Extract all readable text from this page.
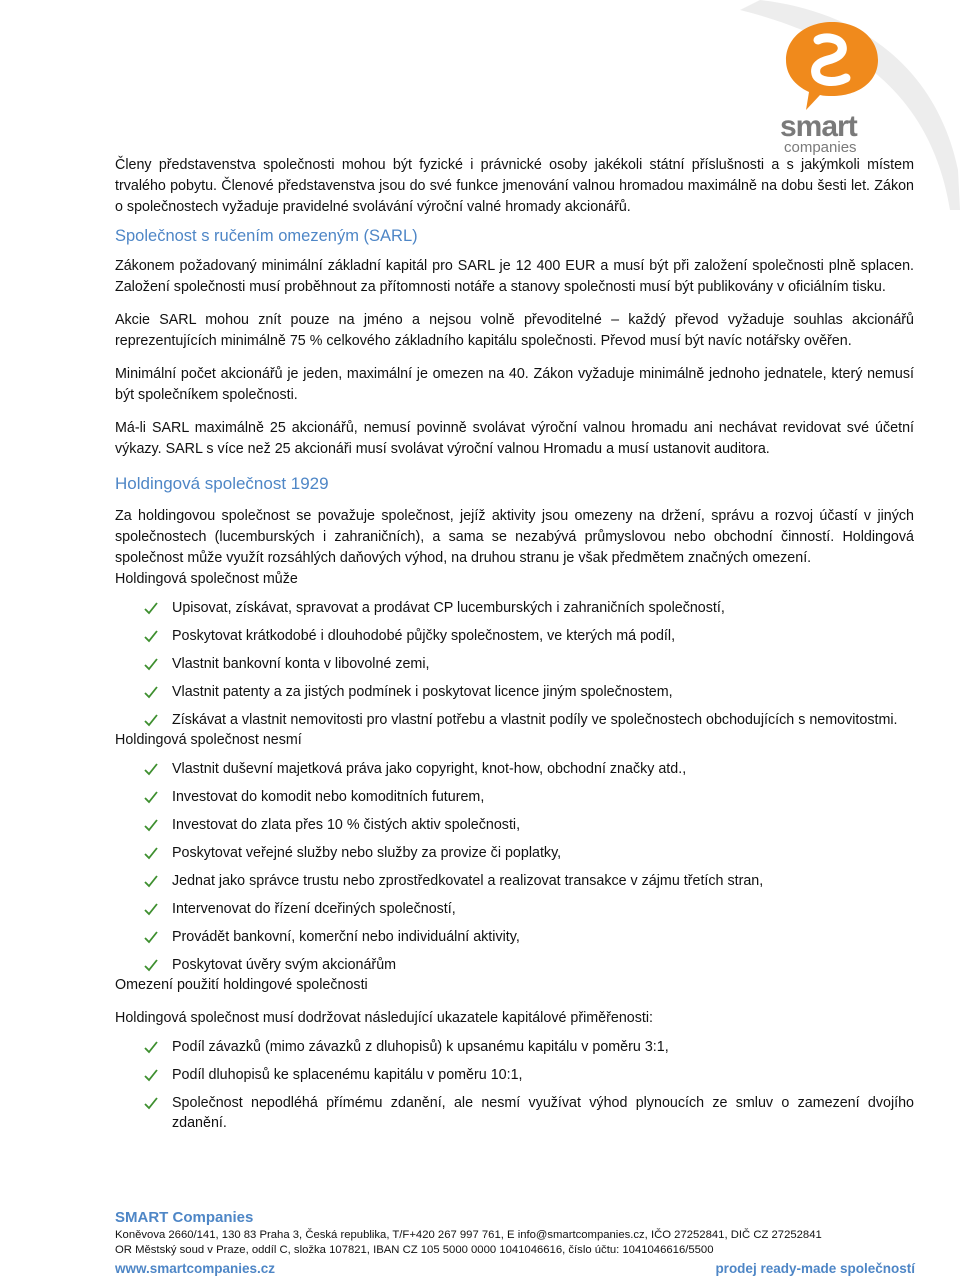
smart
companies

Členy představenstva společnosti mohou být fyzické i právnické osoby jakékoli státní příslušnosti a s jakýmkoli místem trvalého pobytu. Členové představenstva jsou do své funkce jmenování valnou hromadou maximálně na dobu šesti let. Zákon o společnostech vyžaduje pravidelné svolávání výroční valné hromady akcionářů.

Společnost s ručením omezeným (SARL)

Zákonem požadovaný minimální základní kapitál pro SARL je 12 400 EUR a musí být při založení společnosti plně splacen. Založení společnosti musí proběhnout za přítomnosti notáře a stanovy společnosti musí být publikovány v oficiálním tisku.

Akcie SARL mohou znít pouze na jméno a nejsou volně převoditelné – každý převod vyžaduje souhlas akcionářů reprezentujících minimálně 75 % celkového základního kapitálu společnosti. Převod musí být navíc notářsky ověřen.

Minimální počet akcionářů je jeden, maximální je omezen na 40. Zákon vyžaduje minimálně jednoho jednatele, který nemusí být společníkem společnosti.

Má-li SARL maximálně 25 akcionářů, nemusí povinně svolávat výroční valnou hromadu ani nechávat revidovat své účetní výkazy. SARL s více než 25 akcionáři musí svolávat výroční valnou Hromadu a musí ustanovit auditora.

Holdingová společnost 1929

Za holdingovou společnost se považuje společnost, jejíž aktivity jsou omezeny na držení, správu a rozvoj účastí v jiných společnostech (lucemburských i zahraničních), a sama se nezabývá průmyslovou nebo obchodní činností. Holdingová společnost může využít rozsáhlých daňových výhod, na druhou stranu je však předmětem značných omezení.

Holdingová společnost může

Upisovat, získávat, spravovat a prodávat CP lucemburských i zahraničních společností,
Poskytovat krátkodobé i dlouhodobé půjčky společnostem, ve kterých má podíl,
Vlastnit bankovní konta v libovolné zemi,
Vlastnit patenty a za jistých podmínek i poskytovat licence jiným společnostem,
Získávat a vlastnit nemovitosti pro vlastní potřebu a vlastnit podíly ve společnostech obchodujících s nemovitostmi.

Holdingová společnost nesmí

Vlastnit duševní majetková práva jako copyright, knot-how, obchodní značky atd.,
Investovat do komodit nebo komoditních futurem,
Investovat do zlata přes 10 % čistých aktiv společnosti,
Poskytovat veřejné služby nebo služby za provize či poplatky,
Jednat jako správce trustu nebo zprostředkovatel a realizovat transakce v zájmu třetích stran,
Intervenovat do řízení dceřiných společností,
Provádět bankovní, komerční nebo individuální aktivity,
Poskytovat úvěry svým akcionářům

Omezení použití holdingové společnosti

Holdingová společnost musí dodržovat následující ukazatele kapitálové přiměřenosti:

Podíl závazků (mimo závazků z dluhopisů) k upsanému kapitálu v poměru 3:1,
Podíl dluhopisů ke splacenému kapitálu v poměru 10:1,
Společnost nepodléhá přímému zdanění, ale nesmí využívat výhod plynoucích ze smluv o zamezení dvojího zdanění.
SMART Companies
Koněvova 2660/141, 130 83 Praha 3, Česká republika, T/F+420 267 997 761, E info@smartcompanies.cz, IČO 27252841, DIČ CZ 27252841
OR Městský soud v Praze, oddíl C, složka 107821, IBAN CZ 105 5000 0000 1041046616, číslo účtu: 1041046616/5500
www.smartcompanies.cz	prodej ready-made společností
